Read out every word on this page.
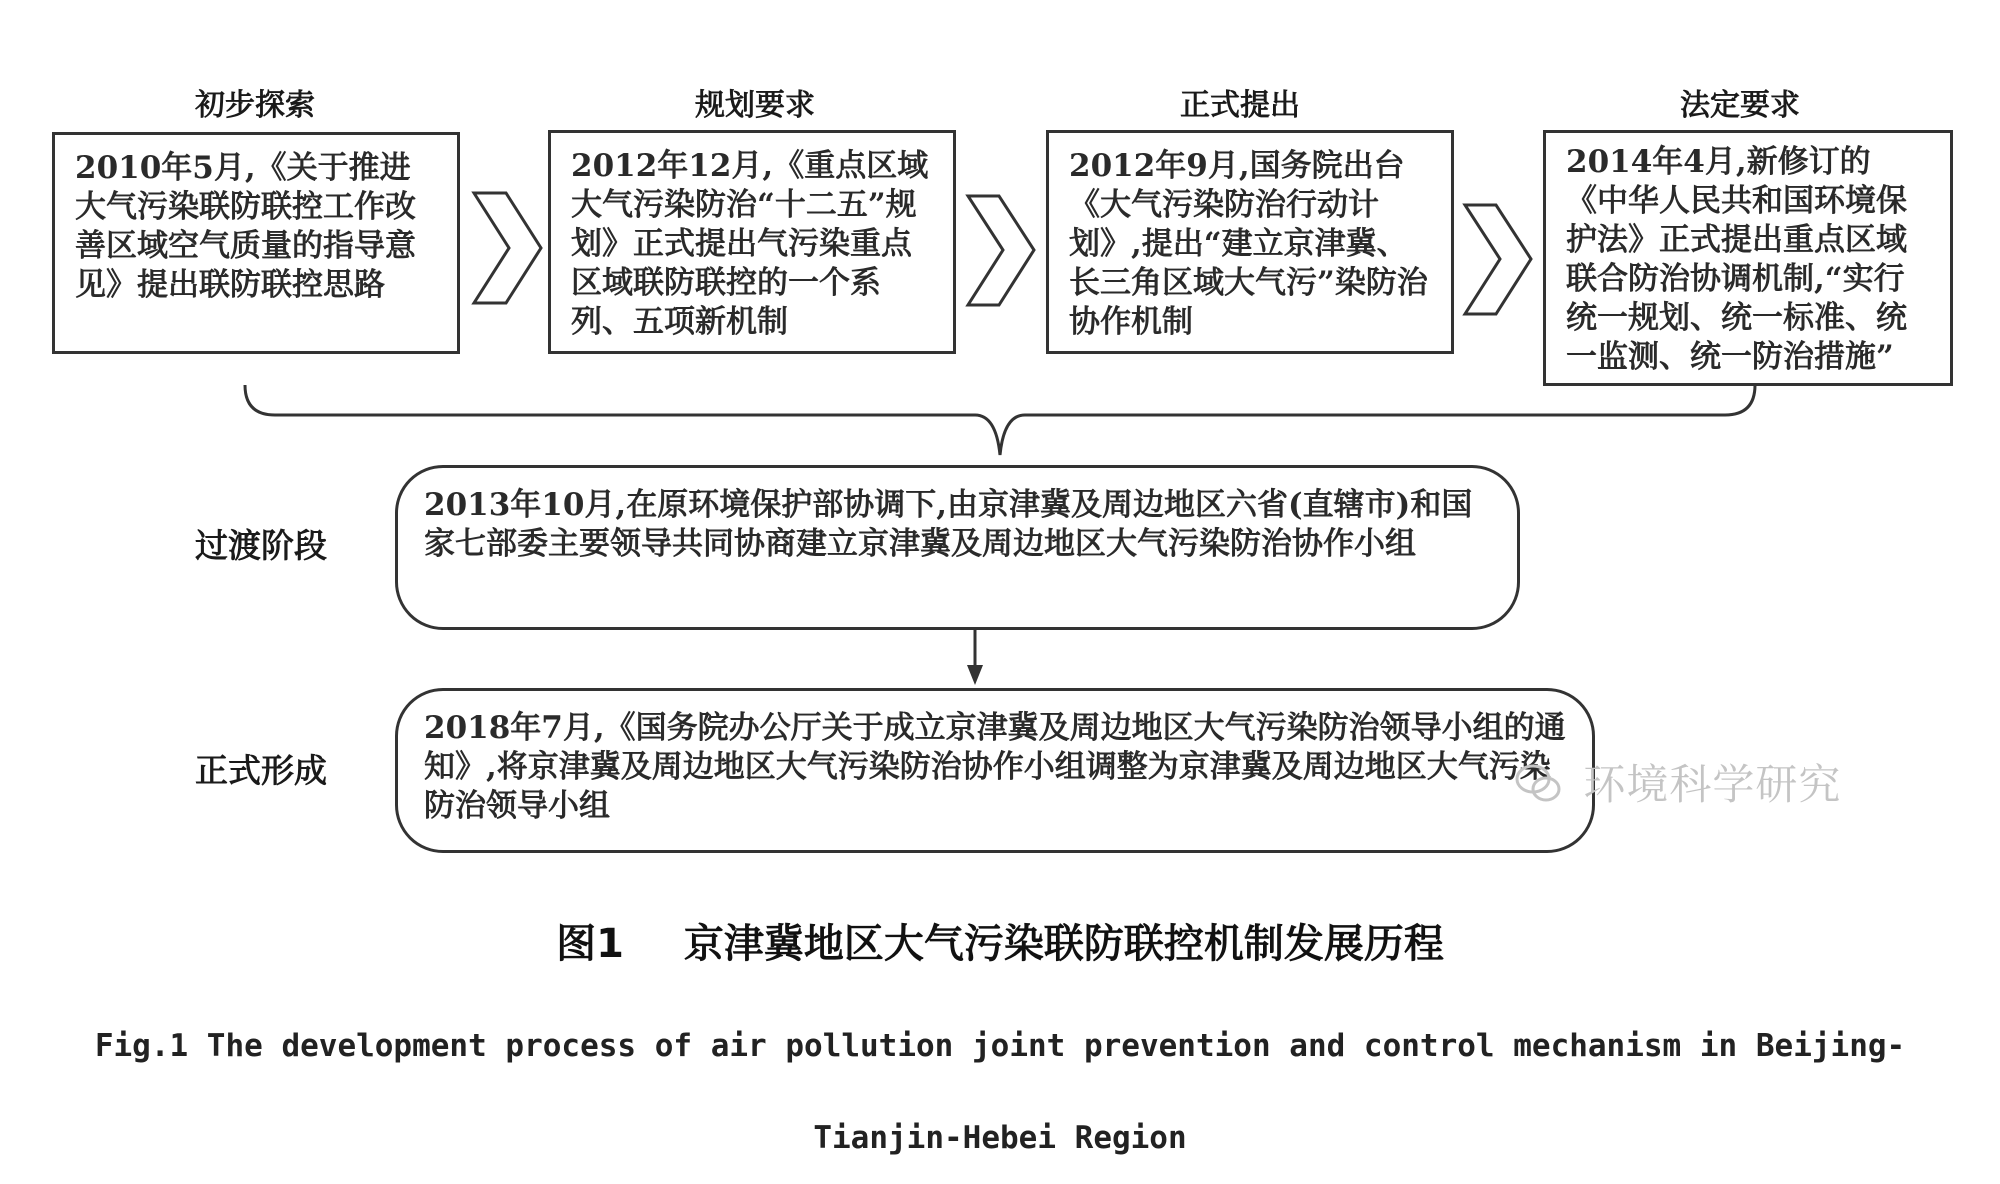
初步探索	规划要求	正式提出	法定要求
2010年5月,《关于推进大气污染联防联控工作改善区域空气质量的指导意见》提出联防联控思路
2012年12月,《重点区域大气污染防治“十二五”规划》正式提出气污染重点区域联防联控的一个系列、五项新机制
2012年9月,国务院出台《大气污染防治行动计划》,提出“建立京津冀、长三角区域大气污”染防治协作机制
2014年4月,新修订的《中华人民共和国环境保护法》正式提出重点区域联合防治协调机制,“实行统一规划、统一标准、统一监测、统一防治措施”
过渡阶段
正式形成
2013年10月,在原环境保护部协调下,由京津冀及周边地区六省(直辖市)和国家七部委主要领导共同协商建立京津冀及周边地区大气污染防治协作小组
2018年7月,《国务院办公厅关于成立京津冀及周边地区大气污染防治领导小组的通知》,将京津冀及周边地区大气污染防治协作小组调整为京津冀及周边地区大气污染防治领导小组	环境科学研究
图1 京津冀地区大气污染联防联控机制发展历程
Fig.1 The development process of air pollution joint prevention and control mechanism in Beijing-
Tianjin-Hebei Region
